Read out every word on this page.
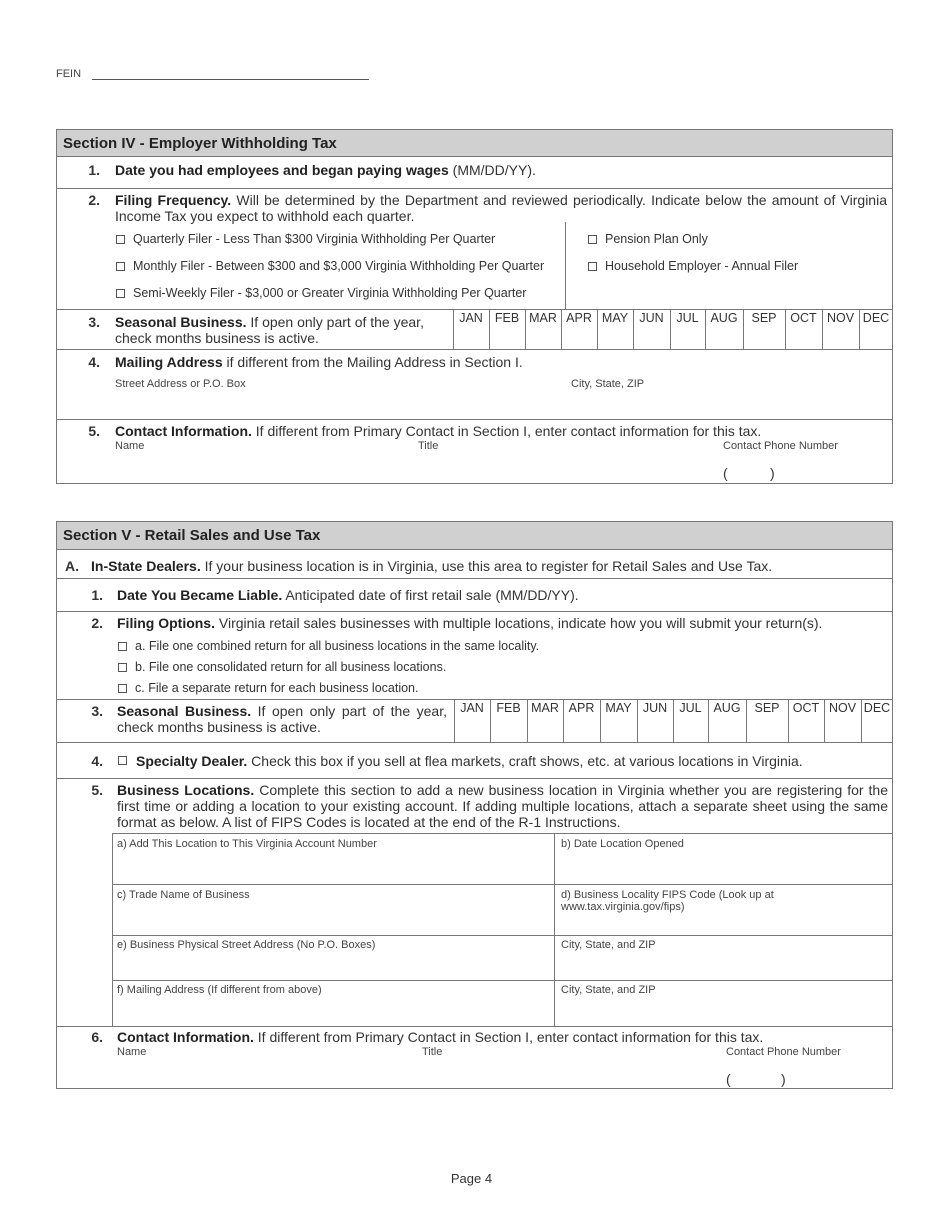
FEIN
Section IV - Employer Withholding Tax
1. Date you had employees and began paying wages (MM/DD/YY).
2. Filing Frequency. Will be determined by the Department and reviewed periodically. Indicate below the amount of Virginia Income Tax you expect to withhold each quarter.
Quarterly Filer - Less Than $300 Virginia Withholding Per Quarter
Monthly Filer - Between $300 and $3,000 Virginia Withholding Per Quarter
Semi-Weekly Filer - $3,000 or Greater Virginia Withholding Per Quarter
Pension Plan Only
Household Employer - Annual Filer
3. Seasonal Business. If open only part of the year, check months business is active.
JAN FEB MAR APR MAY JUN	JUL AUG	SEP	OCT NOV DEC
4. Mailing Address if different from the Mailing Address in Section I.
Street Address or P.O. Box	City, State, ZIP
5. Contact Information. If different from Primary Contact in Section I, enter contact information for this tax.
Name	Title	Contact Phone Number
(	)
Section V - Retail Sales and Use Tax
A. In-State Dealers. If your business location is in Virginia, use this area to register for Retail Sales and Use Tax.
1. Date You Became Liable. Anticipated date of first retail sale (MM/DD/YY).
2. Filing Options. Virginia retail sales businesses with multiple locations, indicate how you will submit your return(s).
a. File one combined return for all business locations in the same locality.
b. File one consolidated return for all business locations.
c. File a separate return for each business location.
3. Seasonal Business. If open only part of the year, check months business is active.
JAN	FEB MAR APR MAY JUN JUL AUG	SEP	OCT NOV DEC
4. Specialty Dealer. Check this box if you sell at flea markets, craft shows, etc. at various locations in Virginia.
5. Business Locations. Complete this section to add a new business location in Virginia whether you are registering for the first time or adding a location to your existing account. If adding multiple locations, attach a separate sheet using the same format as below. A list of FIPS Codes is located at the end of the R-1 Instructions.
a) Add This Location to This Virginia Account Number	b) Date Location Opened
c) Trade Name of Business	d) Business Locality FIPS Code (Look up at www.tax.virginia.gov/fips)
e) Business Physical Street Address (No P.O. Boxes)	City, State, and ZIP
f) Mailing Address (If different from above)	City, State, and ZIP
6. Contact Information. If different from Primary Contact in Section I, enter contact information for this tax.
Name	Title	Contact Phone Number
(	)
Page 4
